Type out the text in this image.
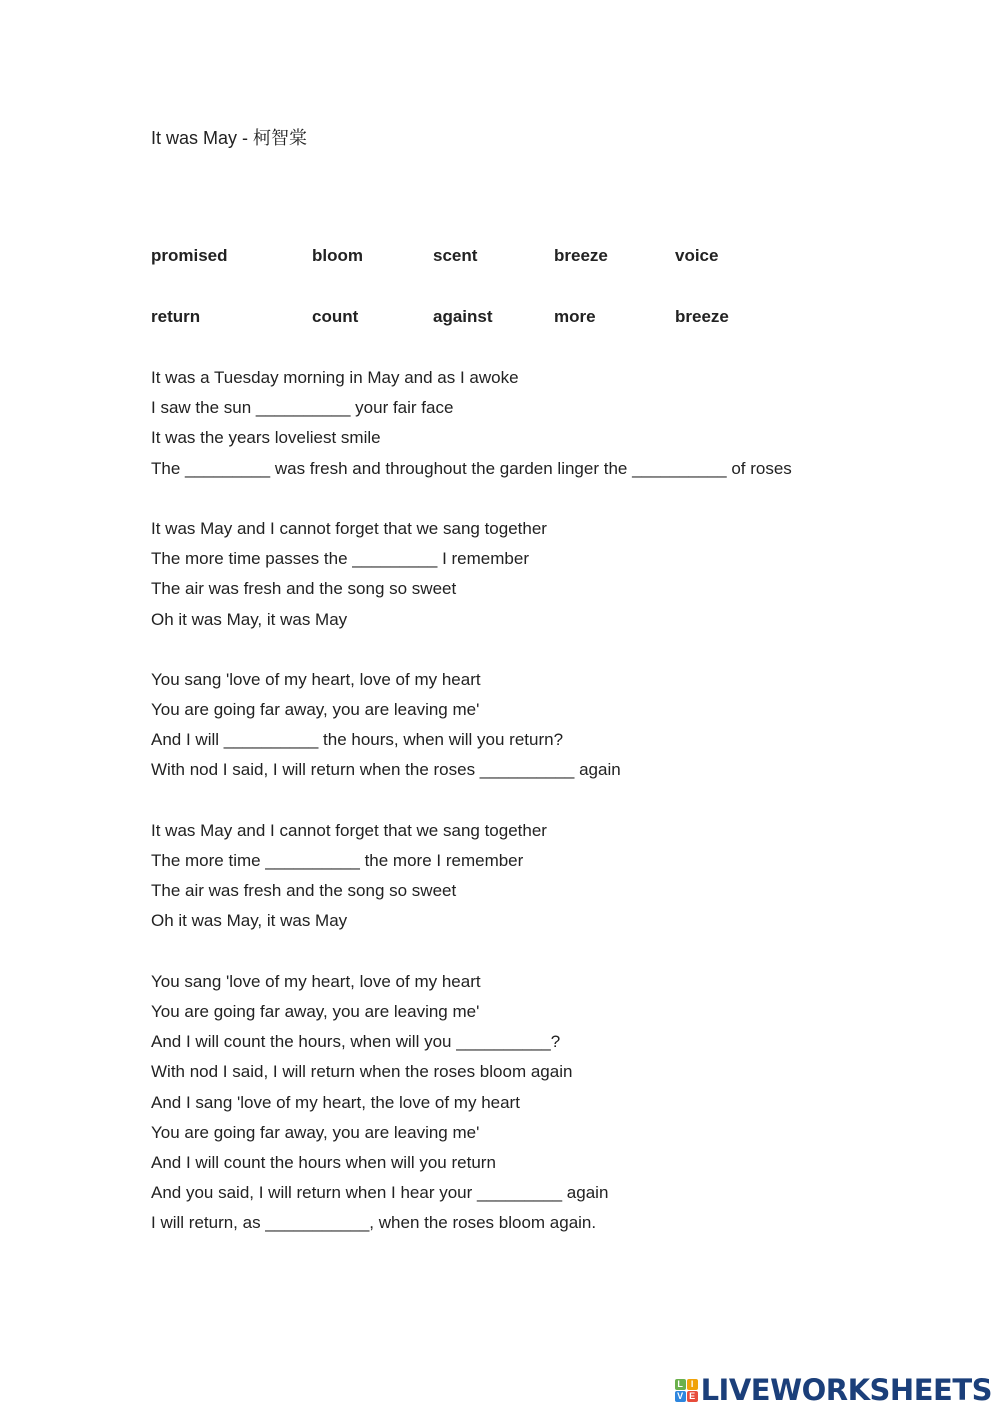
It was May - 柯智棠
promised	bloom	scent	breeze	voice
return	count	against	more	breeze
It was a Tuesday morning in May and as I awoke
I saw the sun __________ your fair face
It was the years loveliest smile
The _________ was fresh and throughout the garden linger the __________ of roses
It was May and I cannot forget that we sang together
The more time passes the _________ I remember
The air was fresh and the song so sweet
Oh it was May, it was May
You sang 'love of my heart, love of my heart
You are going far away, you are leaving me'
And I will __________ the hours, when will you return?
With nod I said, I will return when the roses __________ again
It was May and I cannot forget that we sang together
The more time __________ the more I remember
The air was fresh and the song so sweet
Oh it was May, it was May
You sang 'love of my heart, love of my heart
You are going far away, you are leaving me'
And I will count the hours, when will you __________?
With nod I said, I will return when the roses bloom again
And I sang 'love of my heart, the love of my heart
You are going far away, you are leaving me'
And I will count the hours when will you return
And you said, I will return when I hear your _________ again
I will return, as ___________, when the roses bloom again.
L I
V E LIVEWORKSHEETS
